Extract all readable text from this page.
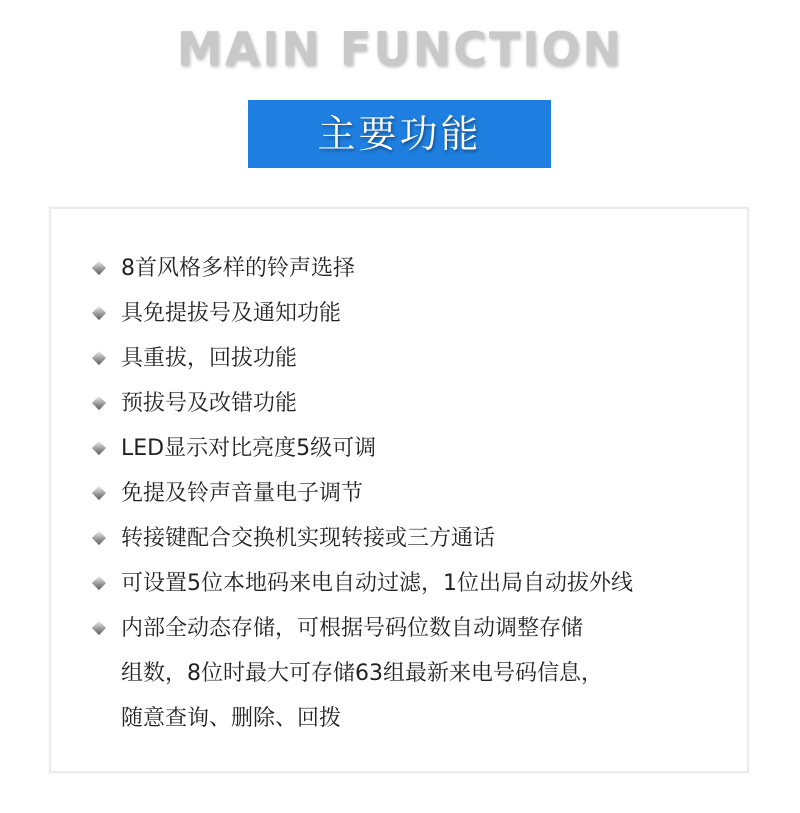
MAIN FUNCTION
主要功能
8首风格多样的铃声选择
具免提拔号及通知功能
具重拔，回拔功能
预拔号及改错功能
LED显示对比亮度5级可调
免提及铃声音量电子调节
转接键配合交换机实现转接或三方通话
可设置5位本地码来电自动过滤，1位出局自动拔外线
内部全动态存储，可根据号码位数自动调整存储
组数，8位时最大可存储63组最新来电号码信息，
随意查询、删除、回拨
